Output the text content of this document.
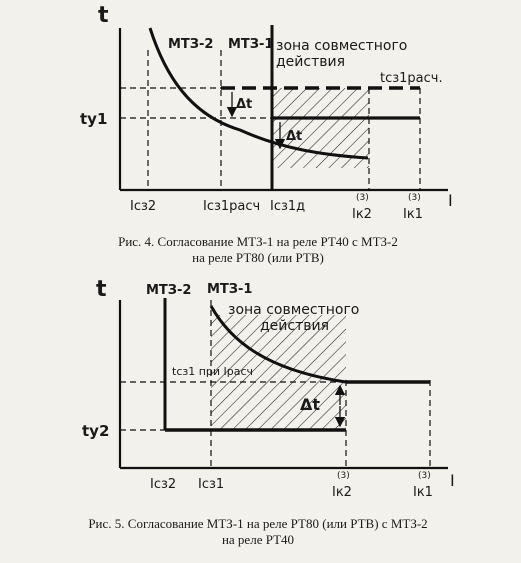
t
I
МТЗ-2 МТЗ-1 зона совместного
действия
tсз1расч.
ty1
Δt
Δt
Iсз2	Iсз1расч Iсз1д
Iк2 Iк1
(3)	(3)
Рис. 4. Согласование МТЗ-1 на реле РТ40 с МТЗ-2
на реле РТ80 (или РТВ)
t
I
МТЗ-2 МТЗ-1
зона совместного
действия
tсз1 при Iрасч
ty2
Δt
Iсз2 Iсз1
Iк2	Iк1
(3)	(3)
Рис. 5. Согласование МТЗ-1 на реле РТ80 (или РТВ) с МТЗ-2
на реле РТ40
